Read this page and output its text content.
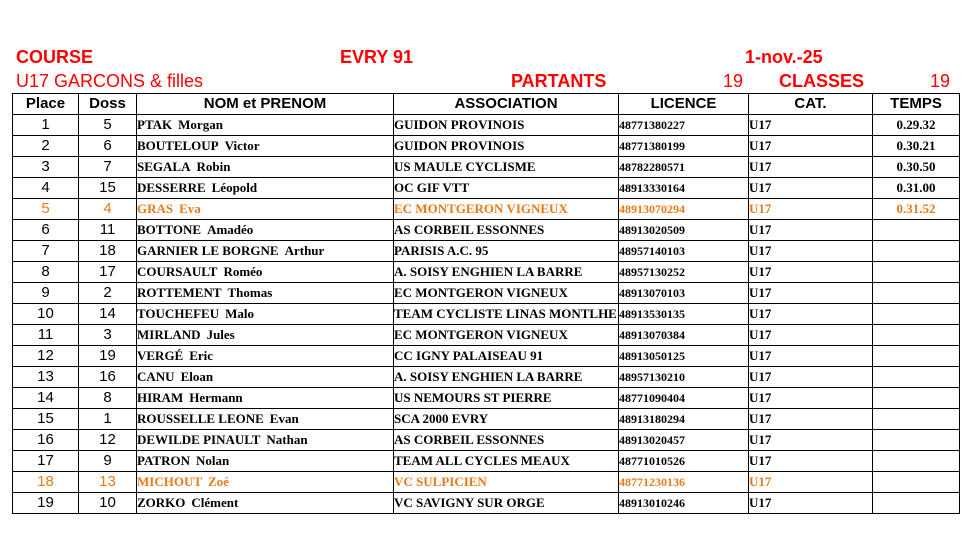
COURSE	EVRY 91	1-nov.-25
U17 GARCONS & filles	PARTANTS	19 CLASSES	19
Place	Doss	NOM et PRENOM	ASSOCIATION	LICENCE	CAT.	TEMPS
1	5	PTAK Morgan	GUIDON PROVINOIS	48771380227	U17	0.29.32
2	6	BOUTELOUP Victor	GUIDON PROVINOIS	48771380199	U17	0.30.21
3	7	SEGALA Robin	US MAULE CYCLISME	48782280571	U17	0.30.50
4	15	DESSERRE Léopold	OC GIF VTT	48913330164	U17	0.31.00
5	4	GRAS Eva	EC MONTGERON VIGNEUX	48913070294	U17	0.31.52
6	11	BOTTONE Amadéo	AS CORBEIL ESSONNES	48913020509	U17	
7	18	GARNIER LE BORGNE Arthur	PARISIS A.C. 95	48957140103	U17	
8	17	COURSAULT Roméo	A. SOISY ENGHIEN LA BARRE	48957130252	U17	
9	2	ROTTEMENT Thomas	EC MONTGERON VIGNEUX	48913070103	U17	
10	14	TOUCHEFEU Malo	TEAM CYCLISTE LINAS MONTLHE	48913530135	U17	
11	3	MIRLAND Jules	EC MONTGERON VIGNEUX	48913070384	U17	
12	19	VERGÉ Eric	CC IGNY PALAISEAU 91	48913050125	U17	
13	16	CANU Eloan	A. SOISY ENGHIEN LA BARRE	48957130210	U17	
14	8	HIRAM Hermann	US NEMOURS ST PIERRE	48771090404	U17	
15	1	ROUSSELLE LEONE Evan	SCA 2000 EVRY	48913180294	U17	
16	12	DEWILDE PINAULT Nathan	AS CORBEIL ESSONNES	48913020457	U17	
17	9	PATRON Nolan	TEAM ALL CYCLES MEAUX	48771010526	U17	
18	13	MICHOUT Zoé	VC SULPICIEN	48771230136	U17	
19	10	ZORKO Clément	VC SAVIGNY SUR ORGE	48913010246	U17	
